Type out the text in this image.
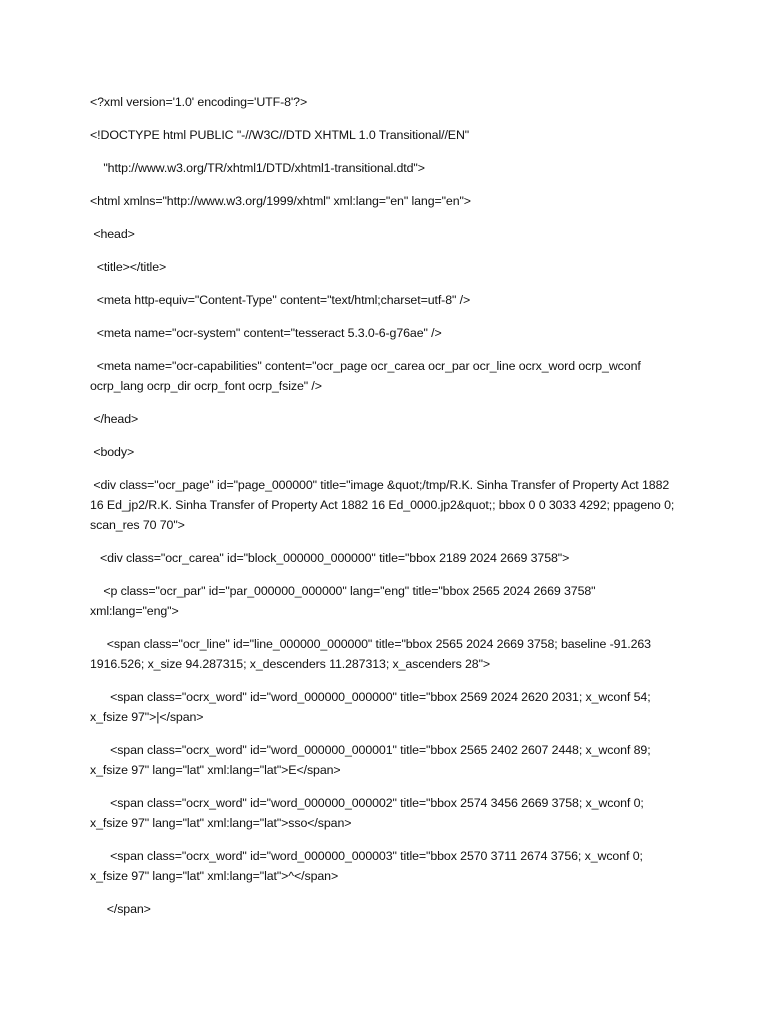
<?xml version='1.0' encoding='UTF-8'?>
<!DOCTYPE html PUBLIC "-//W3C//DTD XHTML 1.0 Transitional//EN"
"http://www.w3.org/TR/xhtml1/DTD/xhtml1-transitional.dtd">
<html xmlns="http://www.w3.org/1999/xhtml" xml:lang="en" lang="en">
<head>
<title></title>
<meta http-equiv="Content-Type" content="text/html;charset=utf-8" />
<meta name="ocr-system" content="tesseract 5.3.0-6-g76ae" />
<meta name="ocr-capabilities" content="ocr_page ocr_carea ocr_par ocr_line ocrx_word ocrp_wconf ocrp_lang ocrp_dir ocrp_font ocrp_fsize" />
</head>
<body>
<div class="ocr_page" id="page_000000" title="image &quot;/tmp/R.K. Sinha Transfer of Property Act 1882 16 Ed_jp2/R.K. Sinha Transfer of Property Act 1882 16 Ed_0000.jp2&quot;; bbox 0 0 3033 4292; ppageno 0; scan_res 70 70">
<div class="ocr_carea" id="block_000000_000000" title="bbox 2189 2024 2669 3758">
<p class="ocr_par" id="par_000000_000000" lang="eng" title="bbox 2565 2024 2669 3758" xml:lang="eng">
<span class="ocr_line" id="line_000000_000000" title="bbox 2565 2024 2669 3758; baseline -91.263 1916.526; x_size 94.287315; x_descenders 11.287313; x_ascenders 28">
<span class="ocrx_word" id="word_000000_000000" title="bbox 2569 2024 2620 2031; x_wconf 54; x_fsize 97">|</span>
<span class="ocrx_word" id="word_000000_000001" title="bbox 2565 2402 2607 2448; x_wconf 89; x_fsize 97" lang="lat" xml:lang="lat">E</span>
<span class="ocrx_word" id="word_000000_000002" title="bbox 2574 3456 2669 3758; x_wconf 0; x_fsize 97" lang="lat" xml:lang="lat">sso</span>
<span class="ocrx_word" id="word_000000_000003" title="bbox 2570 3711 2674 3756; x_wconf 0; x_fsize 97" lang="lat" xml:lang="lat">^</span>
</span>
